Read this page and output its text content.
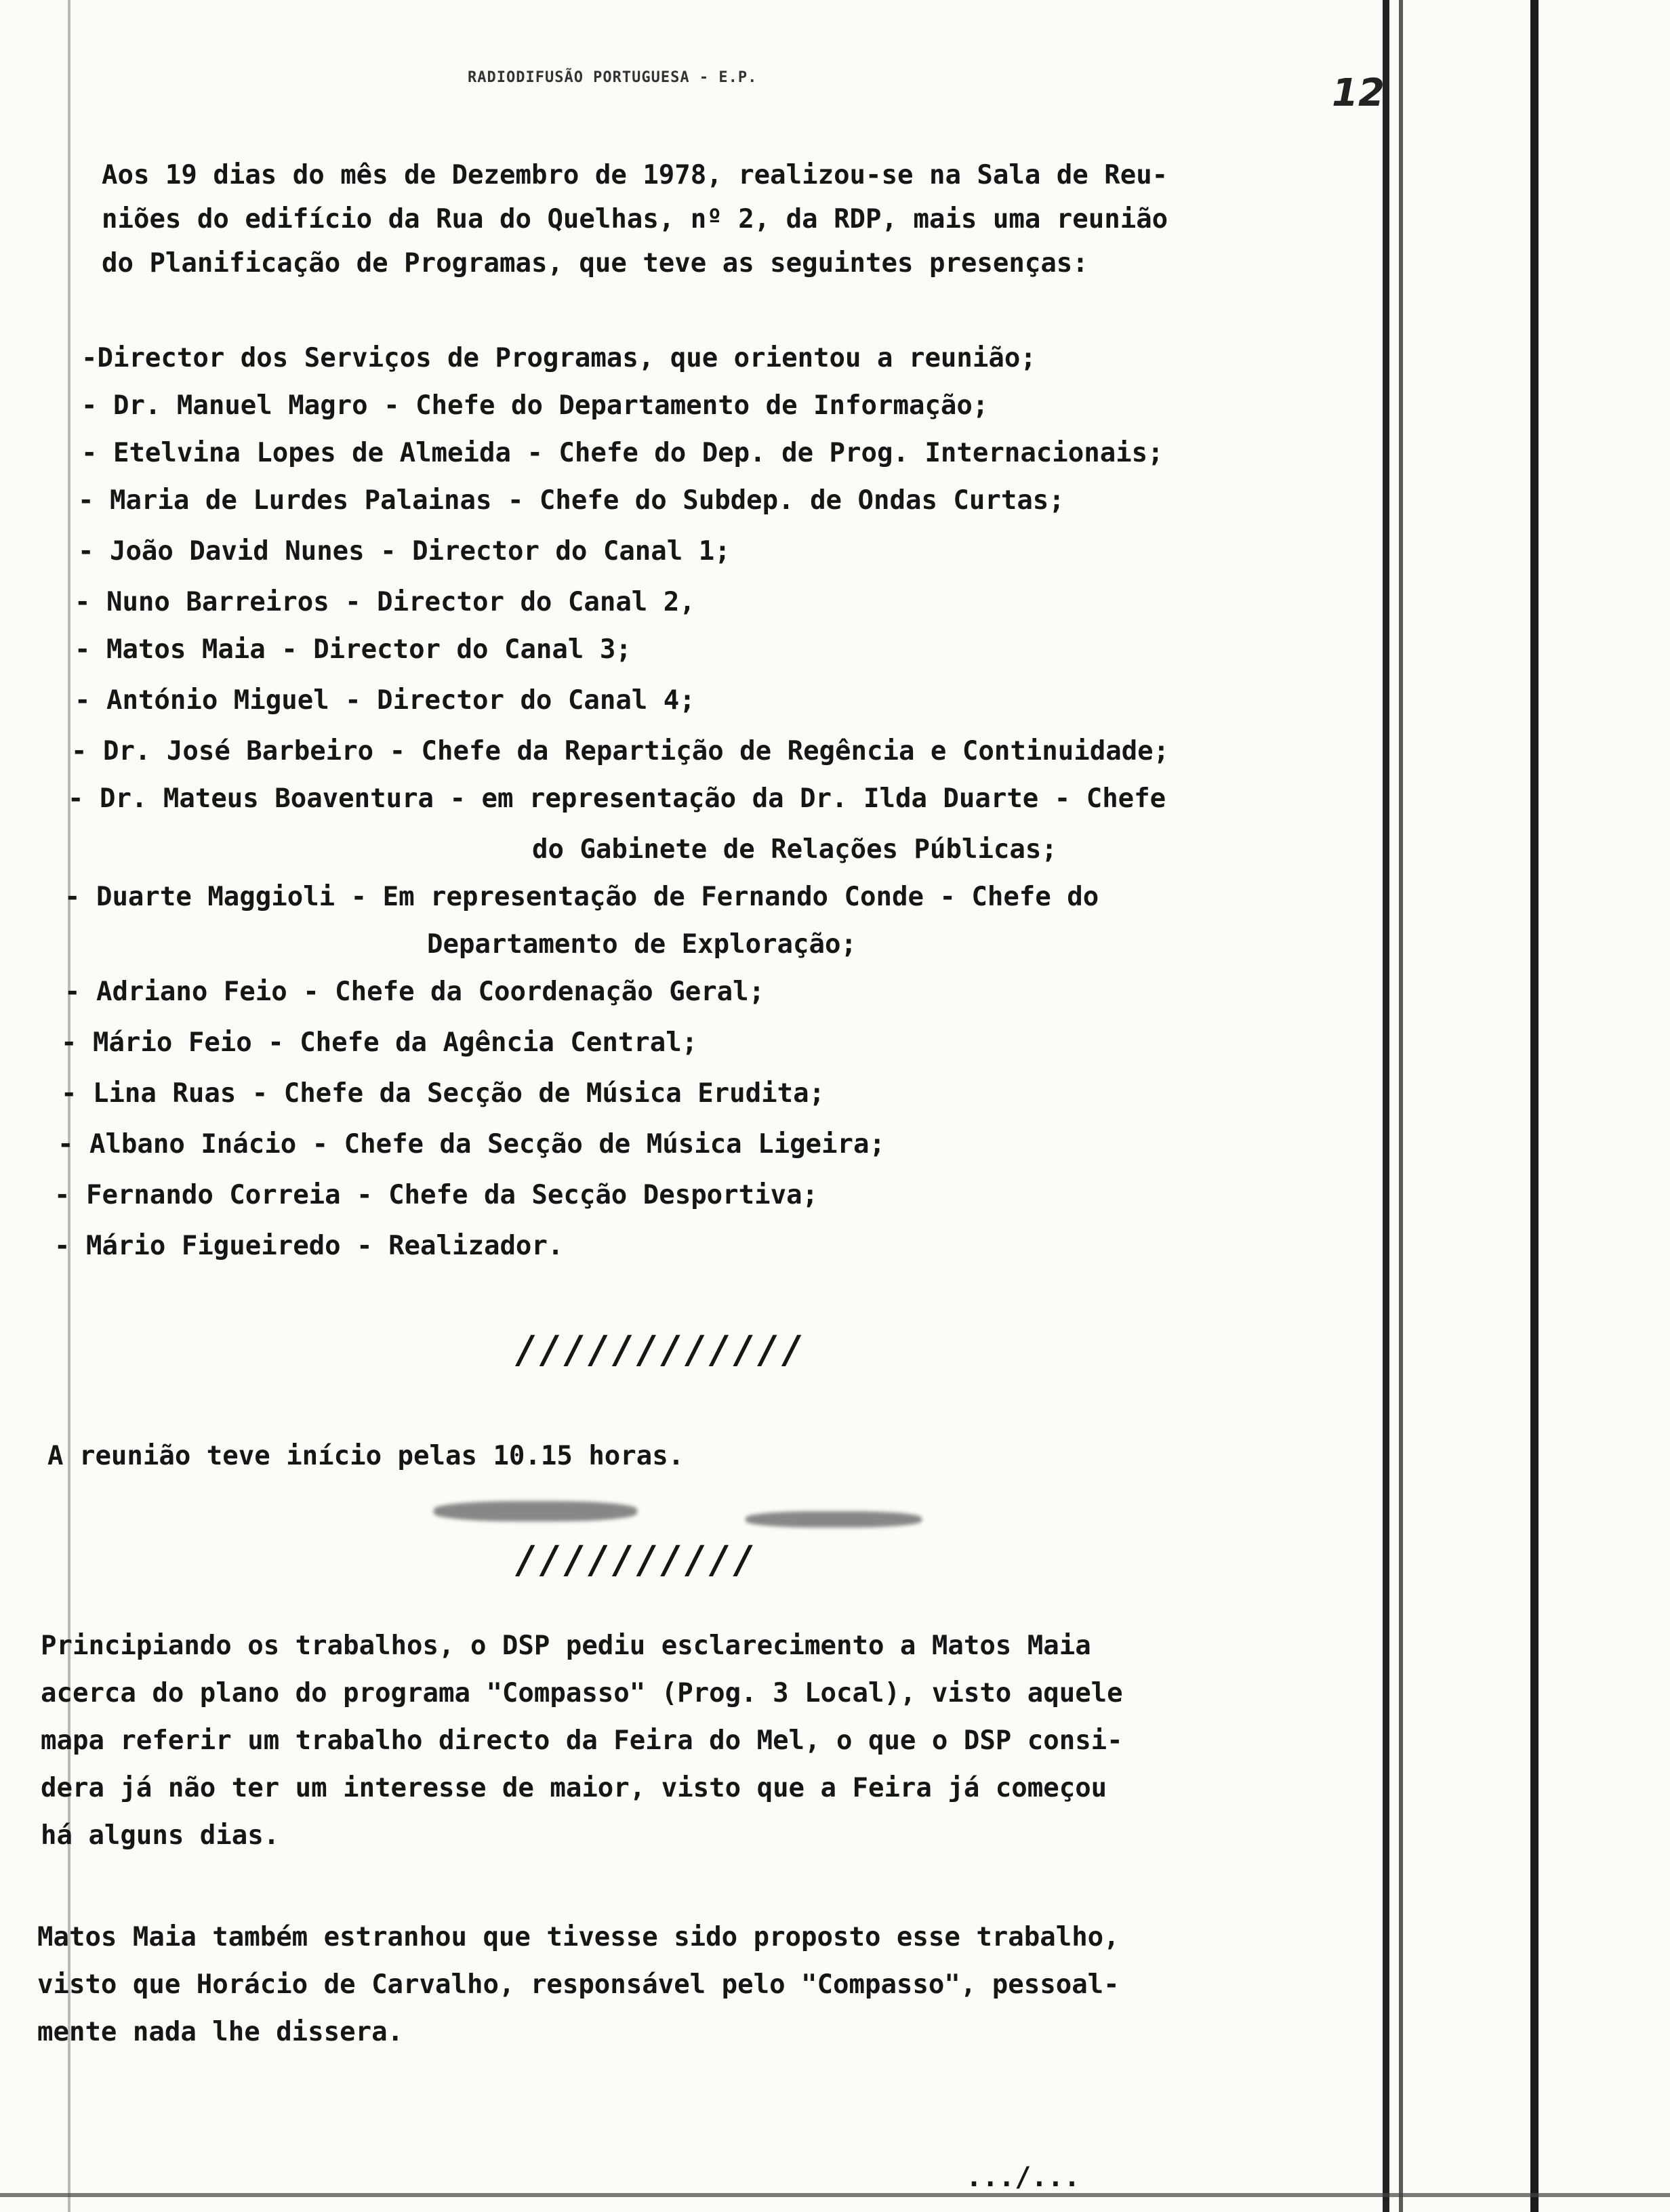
RADIODIFUSÃO PORTUGUESA - E.P.	12
Aos 19 dias do mês de Dezembro de 1978, realizou-se na Sala de Reu-
niões do edifício da Rua do Quelhas, nº 2, da RDP, mais uma reunião
do Planificação de Programas, que teve as seguintes presenças:
-Director dos Serviços de Programas, que orientou a reunião;
- Dr. Manuel Magro - Chefe do Departamento de Informação;
- Etelvina Lopes de Almeida - Chefe do Dep. de Prog. Internacionais;
- Maria de Lurdes Palainas - Chefe do Subdep. de Ondas Curtas;
- João David Nunes - Director do Canal 1;
- Nuno Barreiros - Director do Canal 2,
- Matos Maia - Director do Canal 3;
- António Miguel - Director do Canal 4;
- Dr. José Barbeiro - Chefe da Repartição de Regência e Continuidade;
- Dr. Mateus Boaventura - em representação da Dr. Ilda Duarte - Chefe
do Gabinete de Relações Públicas;
- Duarte Maggioli - Em representação de Fernando Conde - Chefe do
Departamento de Exploração;
- Adriano Feio - Chefe da Coordenação Geral;
- Mário Feio - Chefe da Agência Central;
- Lina Ruas - Chefe da Secção de Música Erudita;
- Albano Inácio - Chefe da Secção de Música Ligeira;
- Fernando Correia - Chefe da Secção Desportiva;
- Mário Figueiredo - Realizador.
////////////
A reunião teve início pelas 10.15 horas.
//////////
Principiando os trabalhos, o DSP pediu esclarecimento a Matos Maia
acerca do plano do programa "Compasso" (Prog. 3 Local), visto aquele
mapa referir um trabalho directo da Feira do Mel, o que o DSP consi-
dera já não ter um interesse de maior, visto que a Feira já começou
há alguns dias.
Matos Maia também estranhou que tivesse sido proposto esse trabalho,
visto que Horácio de Carvalho, responsável pelo "Compasso", pessoal-
mente nada lhe dissera.
.../...
